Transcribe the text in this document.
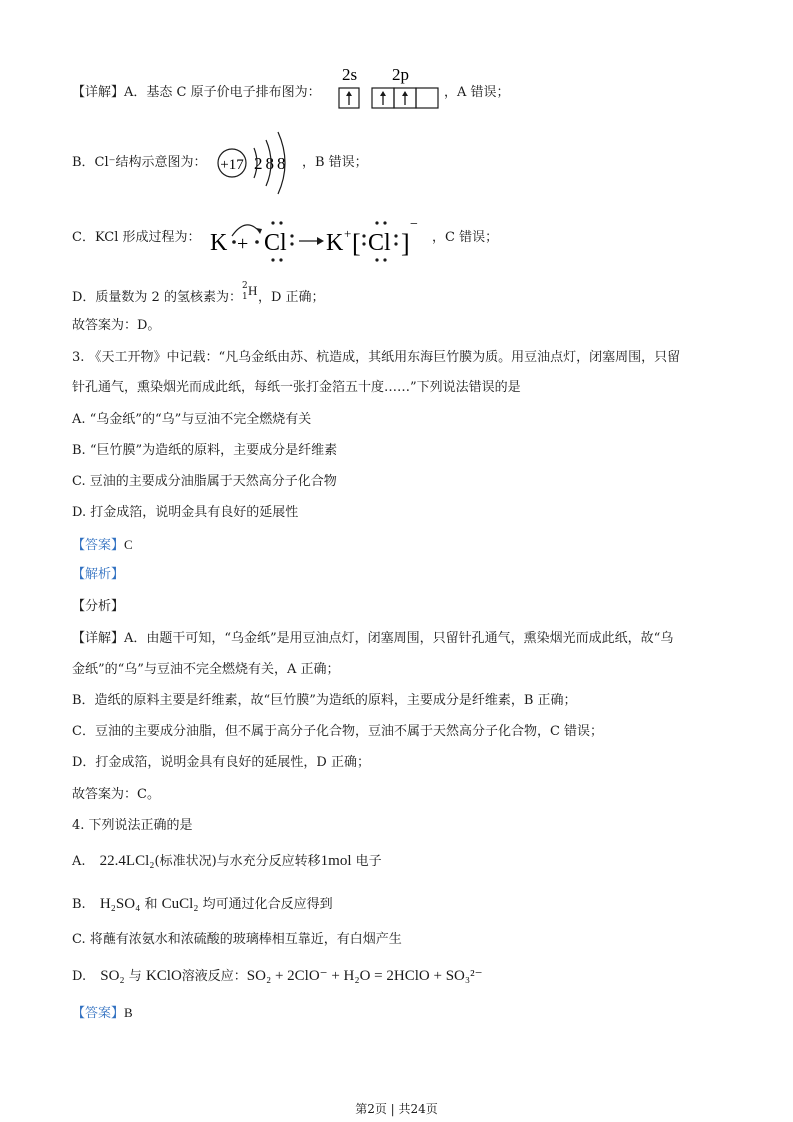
【详解】A．基态 C 原子价电子排布图为：
2s 2p
，A 错误；
B．Cl⁻结构示意图为： +17 288 ，B 错误；
C．KCl 形成过程为： K + Cl K + [ Cl ]
−
，C 错误；
D．质量数为 2 的氢核素为：
2
1 H ，D 正确；
故答案为：D。
3. 《天工开物》中记载：“凡乌金纸由苏、杭造成，其纸用东海巨竹膜为质。用豆油点灯，闭塞周围，只留
针孔通气，熏染烟光而成此纸，每纸一张打金箔五十度……”下列说法错误的是
A. “乌金纸”的“乌”与豆油不完全燃烧有关
B. “巨竹膜”为造纸的原料，主要成分是纤维素
C. 豆油的主要成分油脂属于天然高分子化合物
D. 打金成箔，说明金具有良好的延展性
【答案】C
【解析】
【分析】
【详解】A．由题干可知，“乌金纸”是用豆油点灯，闭塞周围，只留针孔通气，熏染烟光而成此纸，故“乌
金纸”的“乌”与豆油不完全燃烧有关，A 正确；
B．造纸的原料主要是纤维素，故“巨竹膜”为造纸的原料，主要成分是纤维素，B 正确；
C．豆油的主要成分油脂，但不属于高分子化合物，豆油不属于天然高分子化合物，C 错误；
D．打金成箔，说明金具有良好的延展性，D 正确；
故答案为：C。
4. 下列说法正确的是
A. 22.4LCl₂(标准状况)与水充分反应转移1mol 电子
B. H₂SO₄ 和 CuCl₂ 均可通过化合反应得到
C. 将蘸有浓氨水和浓硫酸的玻璃棒相互靠近，有白烟产生
D. SO₂ 与 KClO溶液反应：SO₂ + 2ClO⁻ + H₂O = 2HClO + SO₃²⁻
【答案】B
第2页 | 共24页
